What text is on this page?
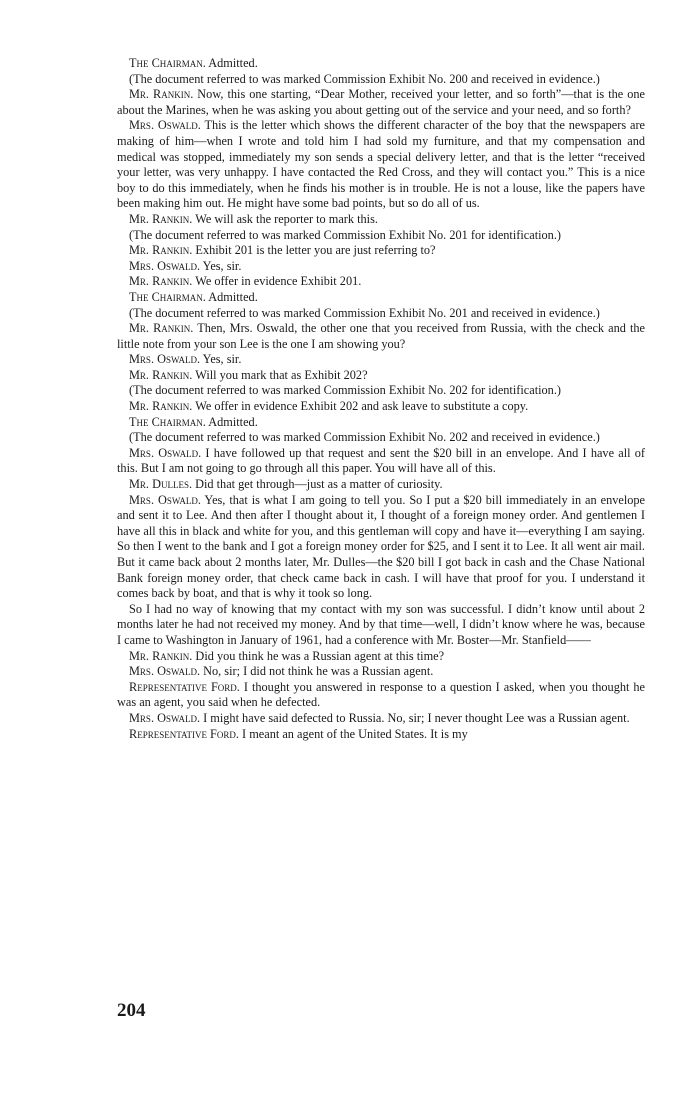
The Chairman. Admitted.

(The document referred to was marked Commission Exhibit No. 200 and received in evidence.)

Mr. Rankin. Now, this one starting, “Dear Mother, received your letter, and so forth”—that is the one about the Marines, when he was asking you about getting out of the service and your need, and so forth?

Mrs. Oswald. This is the letter which shows the different character of the boy that the newspapers are making of him—when I wrote and told him I had sold my furniture, and that my compensation and medical was stopped, immediately my son sends a special delivery letter, and that is the letter “received your letter, was very unhappy. I have contacted the Red Cross, and they will contact you.” This is a nice boy to do this immediately, when he finds his mother is in trouble. He is not a louse, like the papers have been making him out. He might have some bad points, but so do all of us.

Mr. Rankin. We will ask the reporter to mark this.

(The document referred to was marked Commission Exhibit No. 201 for identification.)

Mr. Rankin. Exhibit 201 is the letter you are just referring to?

Mrs. Oswald. Yes, sir.

Mr. Rankin. We offer in evidence Exhibit 201.

The Chairman. Admitted.

(The document referred to was marked Commission Exhibit No. 201 and received in evidence.)

Mr. Rankin. Then, Mrs. Oswald, the other one that you received from Russia, with the check and the little note from your son Lee is the one I am showing you?

Mrs. Oswald. Yes, sir.

Mr. Rankin. Will you mark that as Exhibit 202?

(The document referred to was marked Commission Exhibit No. 202 for identification.)

Mr. Rankin. We offer in evidence Exhibit 202 and ask leave to substitute a copy.

The Chairman. Admitted.

(The document referred to was marked Commission Exhibit No. 202 and received in evidence.)

Mrs. Oswald. I have followed up that request and sent the $20 bill in an envelope. And I have all of this. But I am not going to go through all this paper. You will have all of this.

Mr. Dulles. Did that get through—just as a matter of curiosity.

Mrs. Oswald. Yes, that is what I am going to tell you. So I put a $20 bill immediately in an envelope and sent it to Lee. And then after I thought about it, I thought of a foreign money order. And gentlemen I have all this in black and white for you, and this gentleman will copy and have it—everything I am saying. So then I went to the bank and I got a foreign money order for $25, and I sent it to Lee. It all went air mail. But it came back about 2 months later, Mr. Dulles—the $20 bill I got back in cash and the Chase National Bank foreign money order, that check came back in cash. I will have that proof for you. I understand it comes back by boat, and that is why it took so long.

So I had no way of knowing that my contact with my son was successful. I didn’t know until about 2 months later he had not received my money. And by that time—well, I didn’t know where he was, because I came to Washington in January of 1961, had a conference with Mr. Boster—Mr. Stanfield——

Mr. Rankin. Did you think he was a Russian agent at this time?

Mrs. Oswald. No, sir; I did not think he was a Russian agent.

Representative Ford. I thought you answered in response to a question I asked, when you thought he was an agent, you said when he defected.

Mrs. Oswald. I might have said defected to Russia. No, sir; I never thought Lee was a Russian agent.

Representative Ford. I meant an agent of the United States. It is my

204
